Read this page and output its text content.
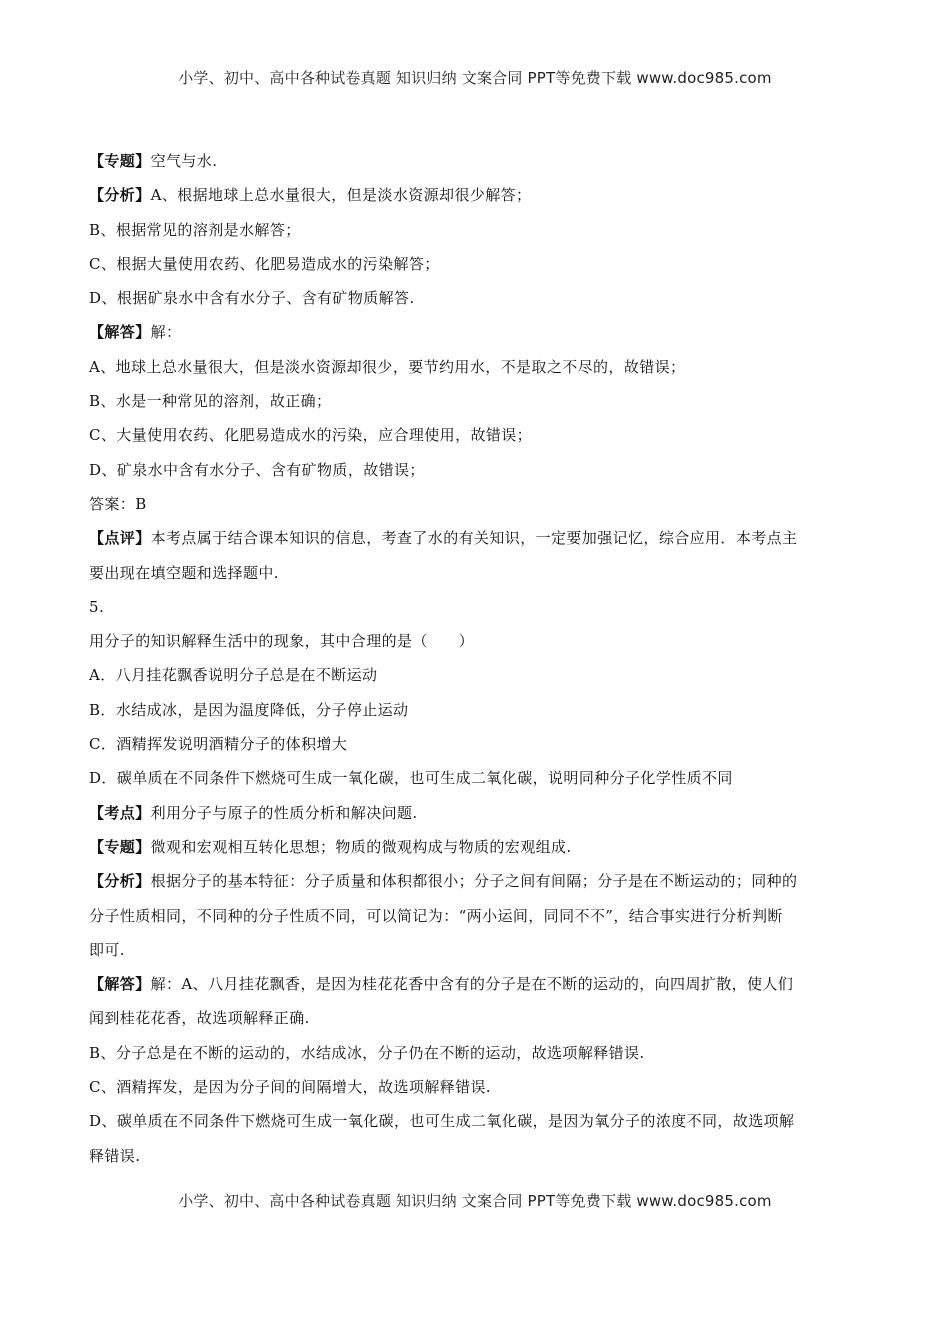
小学、初中、高中各种试卷真题 知识归纳 文案合同 PPT等免费下载 www.doc985.com
【专题】空气与水.
【分析】A、根据地球上总水量很大，但是淡水资源却很少解答；
B、根据常见的溶剂是水解答；
C、根据大量使用农药、化肥易造成水的污染解答；
D、根据矿泉水中含有水分子、含有矿物质解答.
【解答】解：
A、地球上总水量很大，但是淡水资源却很少，要节约用水，不是取之不尽的，故错误；
B、水是一种常见的溶剂，故正确；
C、大量使用农药、化肥易造成水的污染，应合理使用，故错误；
D、矿泉水中含有水分子、含有矿物质，故错误；
答案：B
【点评】本考点属于结合课本知识的信息，考查了水的有关知识，一定要加强记忆，综合应用．本考点主
要出现在填空题和选择题中.
5.
用分子的知识解释生活中的现象，其中合理的是（　　）
A．八月挂花飘香说明分子总是在不断运动
B．水结成冰，是因为温度降低，分子停止运动
C．酒精挥发说明酒精分子的体积增大
D．碳单质在不同条件下燃烧可生成一氧化碳，也可生成二氧化碳，说明同种分子化学性质不同
【考点】利用分子与原子的性质分析和解决问题.
【专题】微观和宏观相互转化思想；物质的微观构成与物质的宏观组成.
【分析】根据分子的基本特征：分子质量和体积都很小；分子之间有间隔；分子是在不断运动的；同种的
分子性质相同，不同种的分子性质不同，可以简记为：“两小运间，同同不不”，结合事实进行分析判断
即可.
【解答】解：A、八月挂花飘香，是因为桂花花香中含有的分子是在不断的运动的，向四周扩散，使人们
闻到桂花花香，故选项解释正确.
B、分子总是在不断的运动的，水结成冰，分子仍在不断的运动，故选项解释错误.
C、酒精挥发，是因为分子间的间隔增大，故选项解释错误.
D、碳单质在不同条件下燃烧可生成一氧化碳，也可生成二氧化碳，是因为氧分子的浓度不同，故选项解
释错误.
小学、初中、高中各种试卷真题 知识归纳 文案合同 PPT等免费下载 www.doc985.com
